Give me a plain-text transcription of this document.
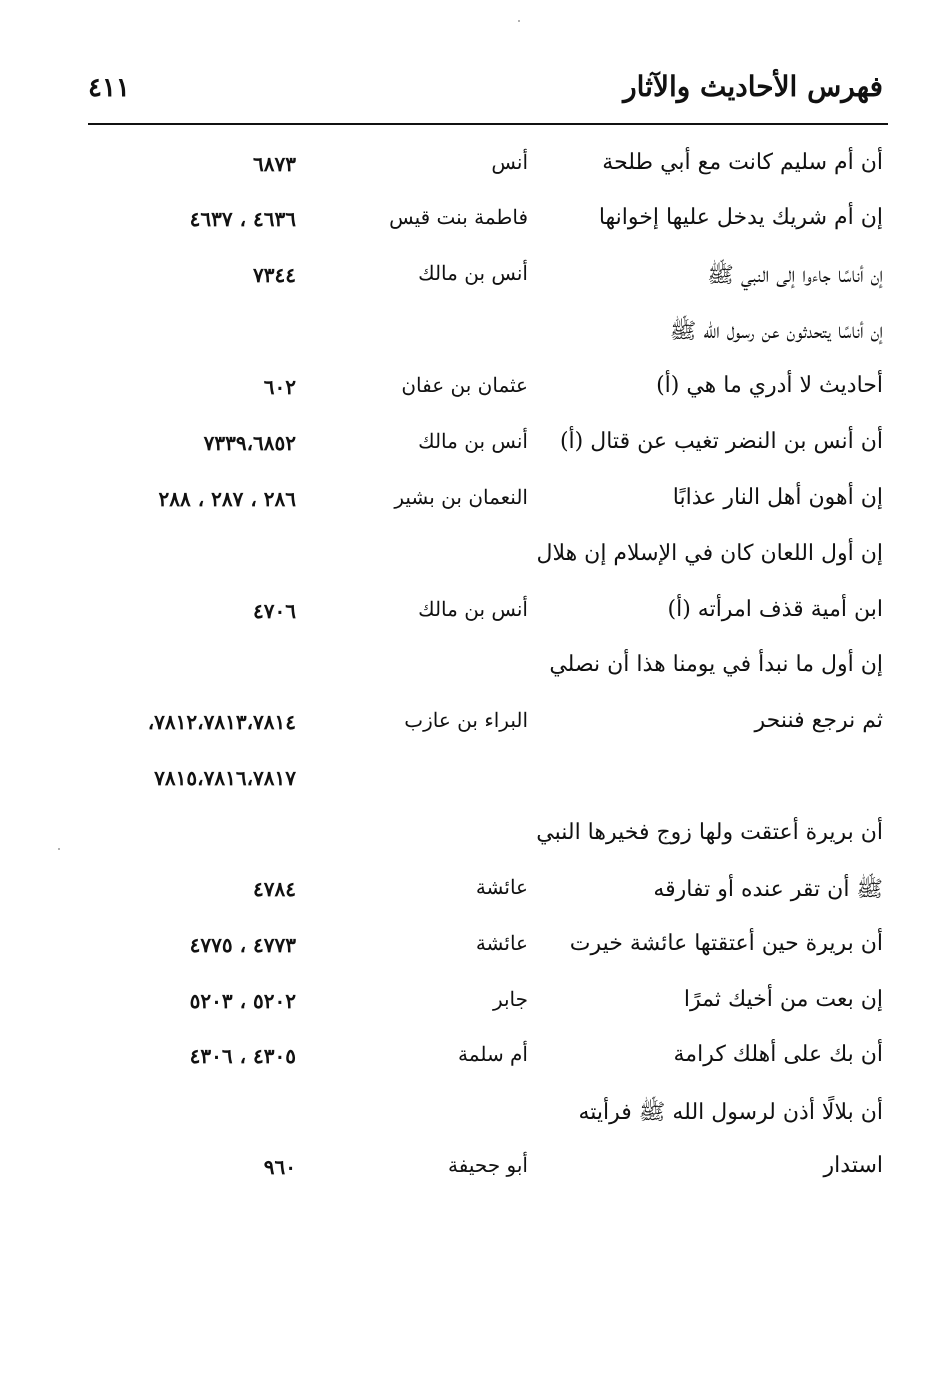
فهرس الأحاديث والآثار
٤١١
أن أم سليم كانت مع أبي طلحة
أنس
٦٨٧٣
إن أم شريك يدخل عليها إخوانها
فاطمة بنت قيس
٤٦٣٦ ، ٤٦٣٧
إن أناسًا جاءوا إلى النبي ﷺ
أنس بن مالك
٧٣٤٤
إن أناسًا يتحدثون عن رسول الله ﷺ
أحاديث لا أدري ما هي (أ)
عثمان بن عفان
٦٠٢
أن أنس بن النضر تغيب عن قتال (أ)
أنس بن مالك
٧٣٣٩،٦٨٥٢
إن أهون أهل النار عذابًا
النعمان بن بشير
٢٨٦ ، ٢٨٧ ، ٢٨٨
إن أول اللعان كان في الإسلام إن هلال
ابن أمية قذف امرأته (أ)
أنس بن مالك
٤٧٠٦
إن أول ما نبدأ في يومنا هذا أن نصلي
ثم نرجع فننحر
البراء بن عازب
٧٨١٢،٧٨١٣،٧٨١٤،
٧٨١٥،٧٨١٦،٧٨١٧
أن بريرة أعتقت ولها زوج فخيرها النبي
ﷺ أن تقر عنده أو تفارقه
عائشة
٤٧٨٤
أن بريرة حين أعتقتها عائشة خيرت
عائشة
٤٧٧٣ ، ٤٧٧٥
إن بعت من أخيك ثمرًا
جابر
٥٢٠٢ ، ٥٢٠٣
أن بك على أهلك كرامة
أم سلمة
٤٣٠٥ ، ٤٣٠٦
أن بلالًا أذن لرسول الله ﷺ فرأيته
استدار
أبو جحيفة
٩٦٠
